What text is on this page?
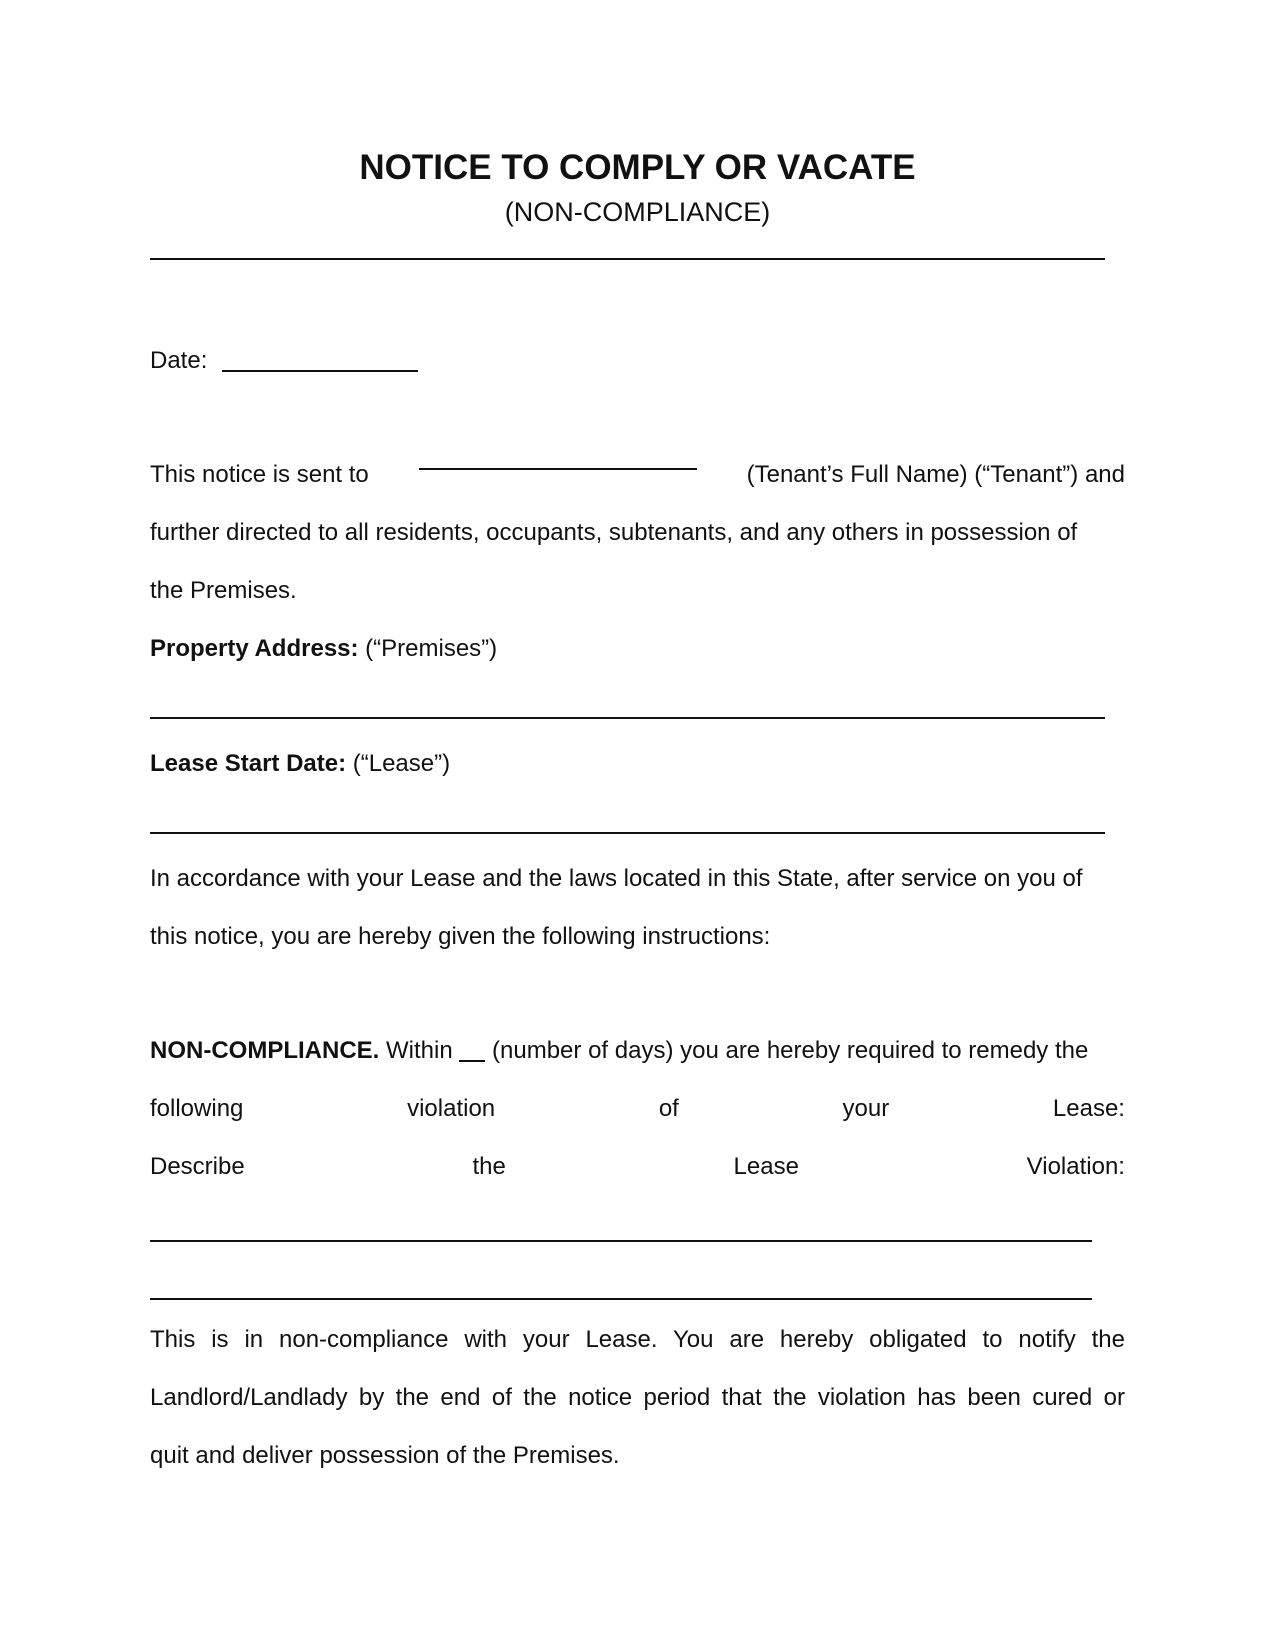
NOTICE TO COMPLY OR VACATE
(NON-COMPLIANCE)
Date:
This notice is sent to	(Tenant’s Full Name) (“Tenant”) and
further directed to all residents, occupants, subtenants, and any others in possession of
the Premises.
Property Address: (“Premises”)
Lease Start Date: (“Lease”)
In accordance with your Lease and the laws located in this State, after service on you of
this notice, you are hereby given the following instructions:
NON-COMPLIANCE. Within (number of days) you are hereby required to remedy the
following	violation	of	your	Lease:
Describe	the	Lease	Violation:
This is in non-compliance with your Lease. You are hereby obligated to notify the
Landlord/Landlady by the end of the notice period that the violation has been cured or
quit and deliver possession of the Premises.
